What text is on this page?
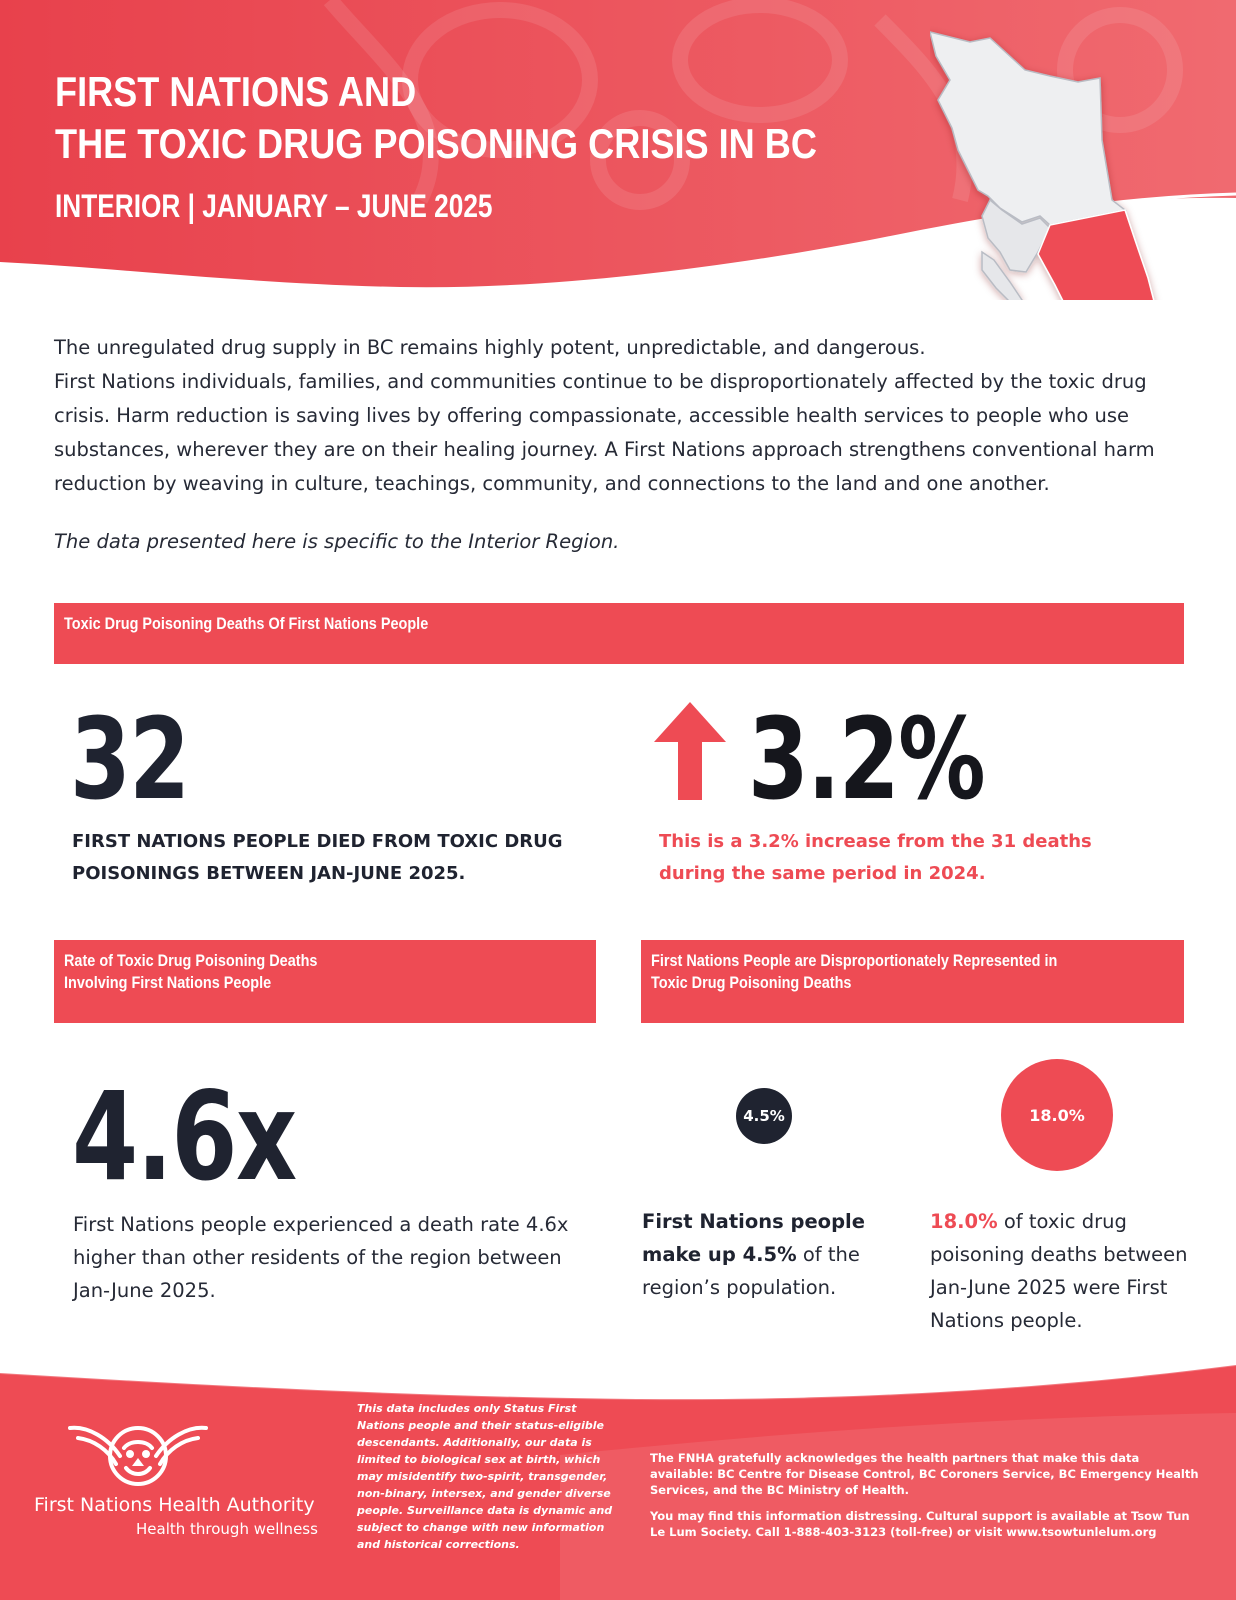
FIRST NATIONS AND
THE TOXIC DRUG POISONING CRISIS IN BC
INTERIOR | JANUARY – JUNE 2025

The unregulated drug supply in BC remains highly potent, unpredictable, and dangerous.

First Nations individuals, families, and communities continue to be disproportionately affected by the toxic drug crisis. Harm reduction is saving lives by offering compassionate, accessible health services to people who use substances, wherever they are on their healing journey. A First Nations approach strengthens conventional harm reduction by weaving in culture, teachings, community, and connections to the land and one another.

The data presented here is specific to the Interior Region.
Toxic Drug Poisoning Deaths Of First Nations People
32
FIRST NATIONS PEOPLE DIED FROM TOXIC DRUG POISONINGS BETWEEN JAN-JUNE 2025.
3.2%
This is a 3.2% increase from the 31 deaths during the same period in 2024.
Rate of Toxic Drug Poisoning Deaths
Involving First Nations People
4.6x
First Nations people experienced a death rate 4.6x higher than other residents of the region between Jan-June 2025.
First Nations People are Disproportionately Represented in
Toxic Drug Poisoning Deaths
4.5%	18.0%
First Nations people make up 4.5% of the region’s population.
18.0% of toxic drug poisoning deaths between Jan-June 2025 were First Nations people.
First Nations Health Authority
Health through wellness
This data includes only Status First Nations people and their status-eligible descendants. Additionally, our data is limited to biological sex at birth, which may misidentify two-spirit, transgender, non-binary, intersex, and gender diverse people. Surveillance data is dynamic and subject to change with new information and historical corrections.
The FNHA gratefully acknowledges the health partners that make this data available: BC Centre for Disease Control, BC Coroners Service, BC Emergency Health Services, and the BC Ministry of Health.
You may find this information distressing. Cultural support is available at Tsow Tun Le Lum Society. Call 1-888-403-3123 (toll-free) or visit www.tsowtunlelum.org
